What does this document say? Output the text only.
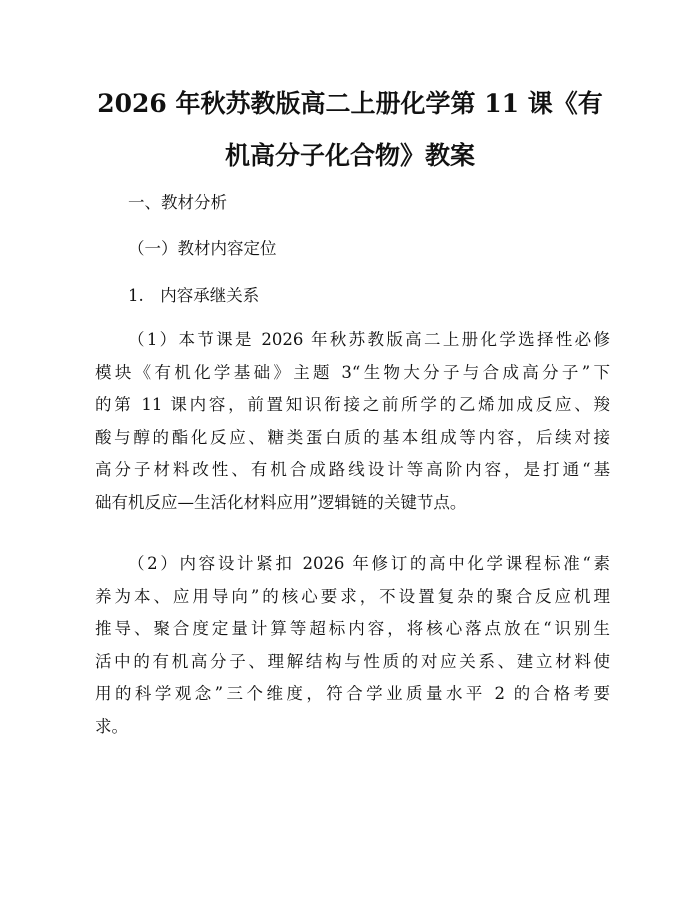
2026 年秋苏教版高二上册化学第 11 课《有
机高分子化合物》教案

一、教材分析

（一）教材内容定位

1.　内容承继关系

（1）本节课是 2026 年秋苏教版高二上册化学选择性必修
模块《有机化学基础》主题 3“生物大分子与合成高分子”下
的第 11 课内容，前置知识衔接之前所学的乙烯加成反应、羧
酸与醇的酯化反应、糖类蛋白质的基本组成等内容，后续对接
高分子材料改性、有机合成路线设计等高阶内容，是打通“基
础有机反应—生活化材料应用”逻辑链的关键节点。
（2）内容设计紧扣 2026 年修订的高中化学课程标准“素
养为本、应用导向”的核心要求，不设置复杂的聚合反应机理
推导、聚合度定量计算等超标内容，将核心落点放在“识别生
活中的有机高分子、理解结构与性质的对应关系、建立材料使
用的科学观念”三个维度，符合学业质量水平 2 的合格考要
求。
